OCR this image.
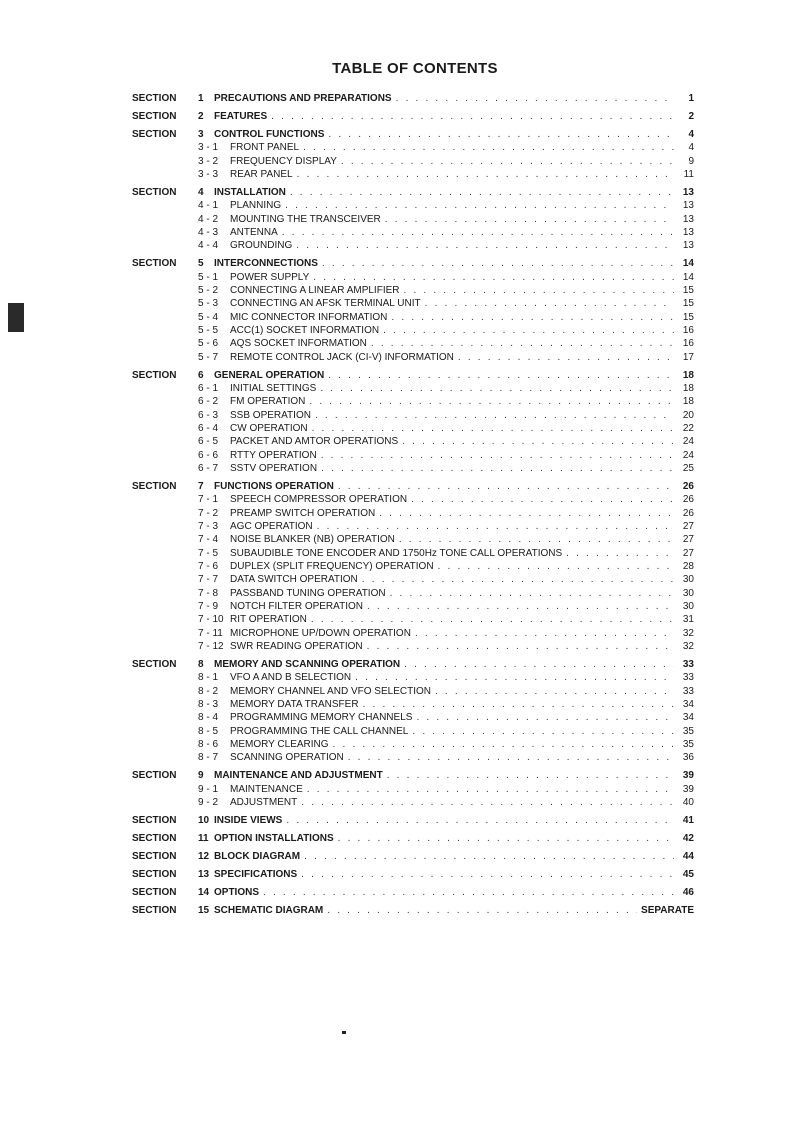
TABLE OF CONTENTS
SECTION	1	PRECAUTIONS AND PREPARATIONS . . .	1
SECTION	2	FEATURES . . .	2
SECTION	3	CONTROL FUNCTIONS . . .	4
3 - 1	FRONT PANEL . . .	4
3 - 2	FREQUENCY DISPLAY . . .	9
3 - 3	REAR PANEL . . .	11
SECTION	4	INSTALLATION . . .	13
4 - 1	PLANNING . . .	13
4 - 2	MOUNTING THE TRANSCEIVER . . .	13
4 - 3	ANTENNA . . .	13
4 - 4	GROUNDING . . .	13
SECTION	5	INTERCONNECTIONS . . .	14
5 - 1	POWER SUPPLY . . .	14
5 - 2	CONNECTING A LINEAR AMPLIFIER . . .	15
5 - 3	CONNECTING AN AFSK TERMINAL UNIT . . .	15
5 - 4	MIC CONNECTOR INFORMATION . . .	15
5 - 5	ACC(1) SOCKET INFORMATION . . .	16
5 - 6	AQS SOCKET INFORMATION . . .	16
5 - 7	REMOTE CONTROL JACK (CI-V) INFORMATION . . .	17
SECTION	6	GENERAL OPERATION . . .	18
6 - 1	INITIAL SETTINGS . . .	18
6 - 2	FM OPERATION . . .	18
6 - 3	SSB OPERATION . . .	20
6 - 4	CW OPERATION . . .	22
6 - 5	PACKET AND AMTOR OPERATIONS . . .	24
6 - 6	RTTY OPERATION . . .	24
6 - 7	SSTV OPERATION . . .	25
SECTION	7	FUNCTIONS OPERATION . . .	26
7 - 1	SPEECH COMPRESSOR OPERATION . . .	26
7 - 2	PREAMP SWITCH OPERATION . . .	26
7 - 3	AGC OPERATION . . .	27
7 - 4	NOISE BLANKER (NB) OPERATION . . .	27
7 - 5	SUBAUDIBLE TONE ENCODER AND 1750Hz TONE CALL OPERATIONS . . .	27
7 - 6	DUPLEX (SPLIT FREQUENCY) OPERATION . . .	28
7 - 7	DATA SWITCH OPERATION . . .	30
7 - 8	PASSBAND TUNING OPERATION . . .	30
7 - 9	NOTCH FILTER OPERATION . . .	30
7 - 10 RIT OPERATION . . .	31
7 - 11 MICROPHONE UP/DOWN OPERATION . . .	32
7 - 12 SWR READING OPERATION . . .	32
SECTION	8	MEMORY AND SCANNING OPERATION . . .	33
8 - 1	VFO A AND B SELECTION . . .	33
8 - 2	MEMORY CHANNEL AND VFO SELECTION . . .	33
8 - 3	MEMORY DATA TRANSFER . . .	34
8 - 4	PROGRAMMING MEMORY CHANNELS . . .	34
8 - 5	PROGRAMMING THE CALL CHANNEL . . .	35
8 - 6	MEMORY CLEARING . . .	35
8 - 7	SCANNING OPERATION . . .	36
SECTION	9	MAINTENANCE AND ADJUSTMENT . . .	39
9 - 1	MAINTENANCE . . .	39
9 - 2	ADJUSTMENT . . .	40
SECTION	10 INSIDE VIEWS . . .	41
SECTION	11 OPTION INSTALLATIONS . . .	42
SECTION	12 BLOCK DIAGRAM . . .	44
SECTION	13 SPECIFICATIONS . . .	45
SECTION	14 OPTIONS . . .	46
SECTION	15 SCHEMATIC DIAGRAM . . .	SEPARATE
